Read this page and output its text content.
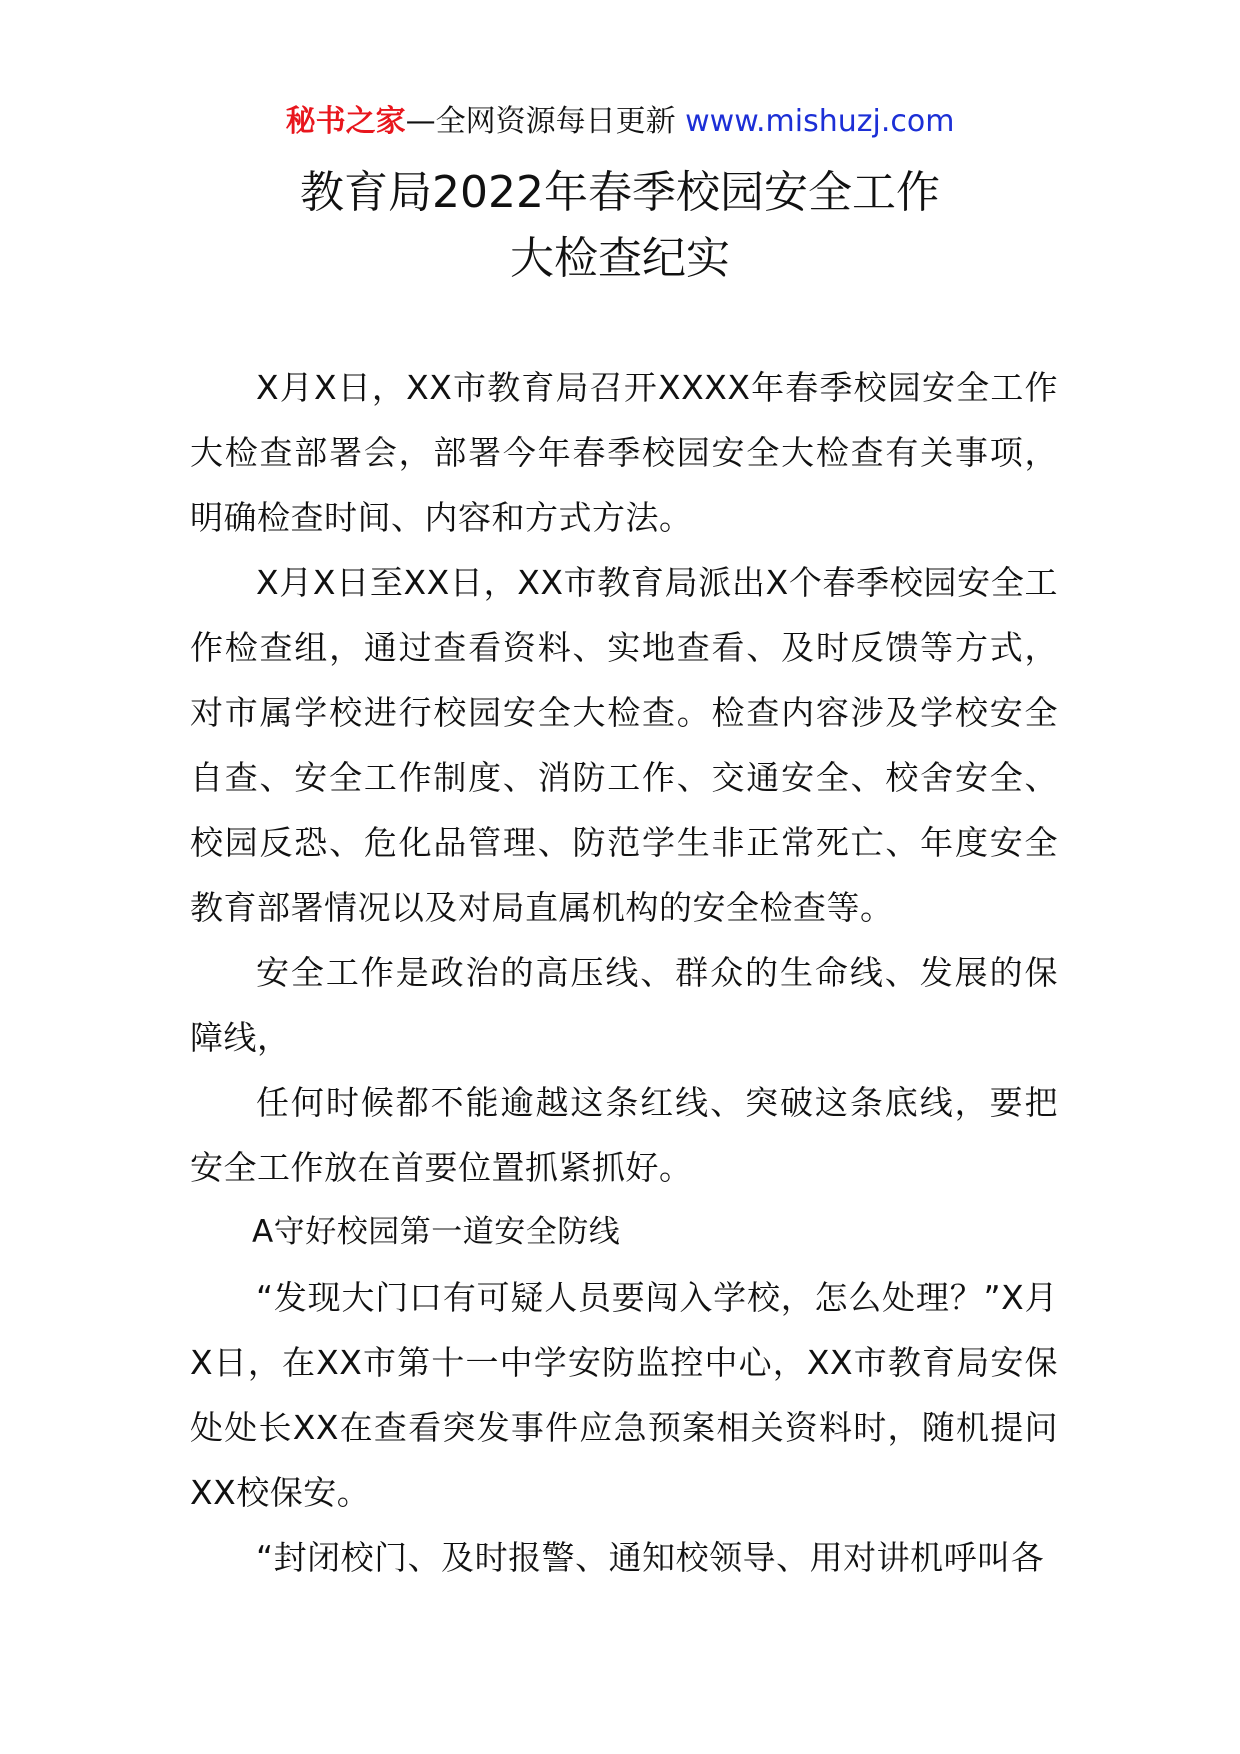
秘书之家—全网资源每日更新 www.mishuzj.com
教育局2022年春季校园安全工作
大检查纪实

X月X日，XX市教育局召开XXXX年春季校园安全工作大检查部署会，部署今年春季校园安全大检查有关事项，明确检查时间、内容和方式方法。

X月X日至XX日，XX市教育局派出X个春季校园安全工作检查组，通过查看资料、实地查看、及时反馈等方式，对市属学校进行校园安全大检查。检查内容涉及学校安全自查、安全工作制度、消防工作、交通安全、校舍安全、校园反恐、危化品管理、防范学生非正常死亡、年度安全教育部署情况以及对局直属机构的安全检查等。

安全工作是政治的高压线、群众的生命线、发展的保障线，

任何时候都不能逾越这条红线、突破这条底线，要把安全工作放在首要位置抓紧抓好。

A守好校园第一道安全防线

“发现大门口有可疑人员要闯入学校，怎么处理？”X月X日，在XX市第十一中学安防监控中心，XX市教育局安保处处长XX在查看突发事件应急预案相关资料时，随机提问XX校保安。

“封闭校门、及时报警、通知校领导、用对讲机呼叫各
